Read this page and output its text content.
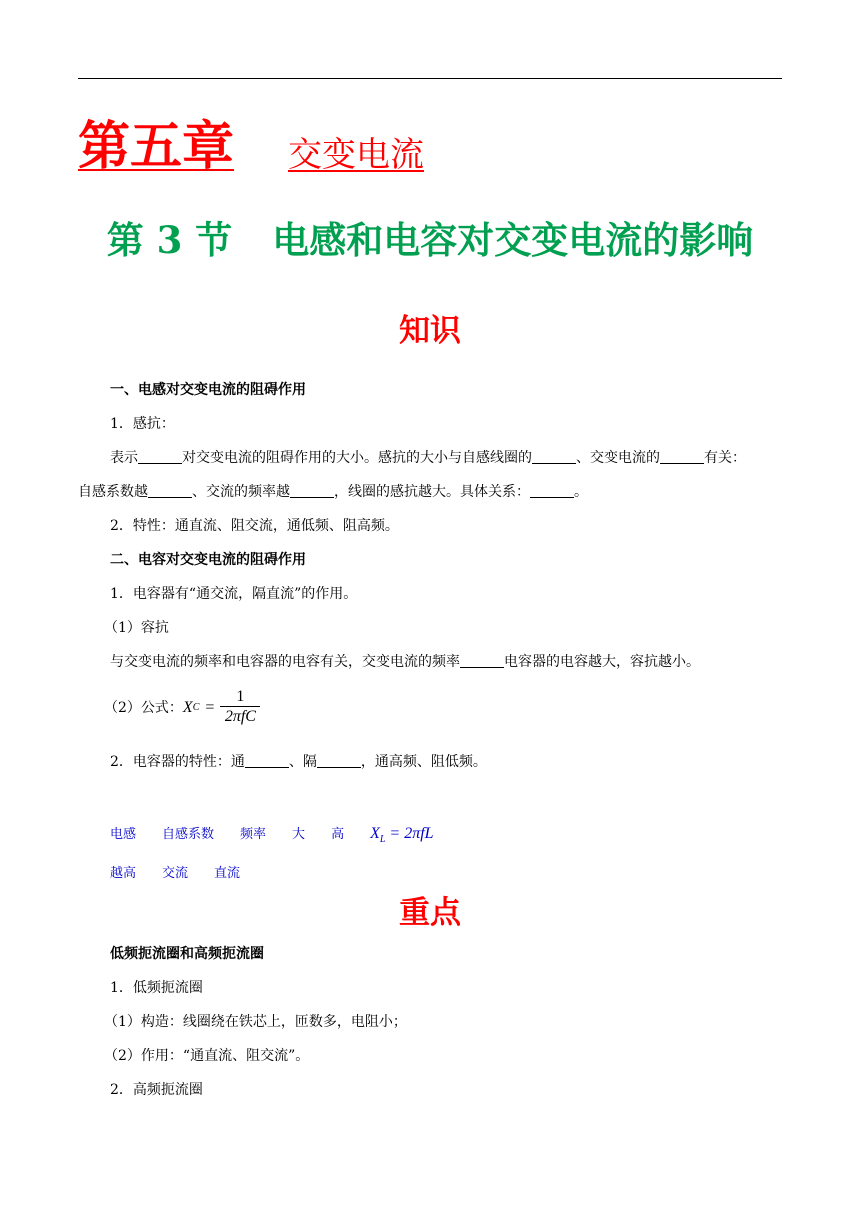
第五章 交变电流
第 3 节 电感和电容对交变电流的影响
知识
一、电感对交变电流的阻碍作用
1．感抗：
表示	对交变电流的阻碍作用的大小。感抗的大小与自感线圈的	、交变电流的	有关：
自感系数越	、交流的频率越	，线圈的感抗越大。具体关系：	。
2．特性：通直流、阻交流，通低频、阻高频。
二、电容对交变电流的阻碍作用
1．电容器有“通交流，隔直流”的作用。
（1）容抗
与交变电流的频率和电容器的电容有关，交变电流的频率	电容器的电容越大，容抗越小。
（2）公式： X $C = \frac{1}{\text{2πfC}}$
2．电容器的特性：通	、隔	，通高频、阻低频。
电感 自感系数 频率 大 高 $X_L = 2\pi fL$
越高 交流 直流
重点
低频扼流圈和高频扼流圈
1．低频扼流圈
（1）构造：线圈绕在铁芯上，匝数多，电阻小；
（2）作用：“通直流、阻交流”。
2．高频扼流圈
